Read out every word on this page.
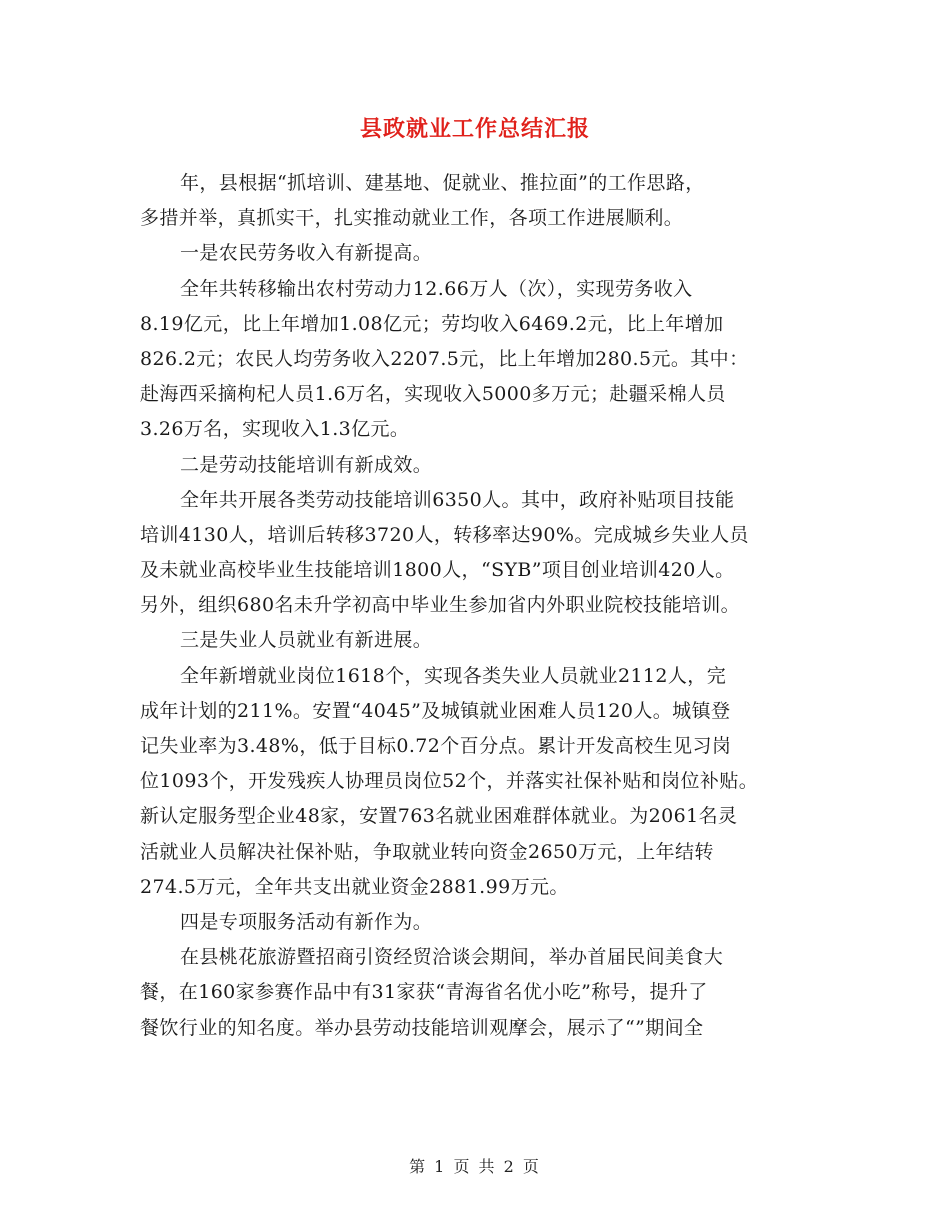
县政就业工作总结汇报
年，县根据“抓培训、建基地、促就业、推拉面”的工作思路，
多措并举，真抓实干，扎实推动就业工作，各项工作进展顺利。
一是农民劳务收入有新提高。
全年共转移输出农村劳动力12.66万人（次），实现劳务收入
8.19亿元，比上年增加1.08亿元；劳均收入6469.2元，比上年增加
826.2元；农民人均劳务收入2207.5元，比上年增加280.5元。其中：
赴海西采摘枸杞人员1.6万名，实现收入5000多万元；赴疆采棉人员
3.26万名，实现收入1.3亿元。
二是劳动技能培训有新成效。
全年共开展各类劳动技能培训6350人。其中，政府补贴项目技能
培训4130人，培训后转移3720人，转移率达90%。完成城乡失业人员
及未就业高校毕业生技能培训1800人，“SYB”项目创业培训420人。
另外，组织680名未升学初高中毕业生参加省内外职业院校技能培训。
三是失业人员就业有新进展。
全年新增就业岗位1618个，实现各类失业人员就业2112人，完
成年计划的211%。安置“4045”及城镇就业困难人员120人。城镇登
记失业率为3.48%，低于目标0.72个百分点。累计开发高校生见习岗
位1093个，开发残疾人协理员岗位52个，并落实社保补贴和岗位补贴。
新认定服务型企业48家，安置763名就业困难群体就业。为2061名灵
活就业人员解决社保补贴，争取就业转向资金2650万元，上年结转
274.5万元，全年共支出就业资金2881.99万元。
四是专项服务活动有新作为。
在县桃花旅游暨招商引资经贸洽谈会期间，举办首届民间美食大
餐，在160家参赛作品中有31家获“青海省名优小吃”称号，提升了
餐饮行业的知名度。举办县劳动技能培训观摩会，展示了“”期间全
第 1 页 共 2 页
